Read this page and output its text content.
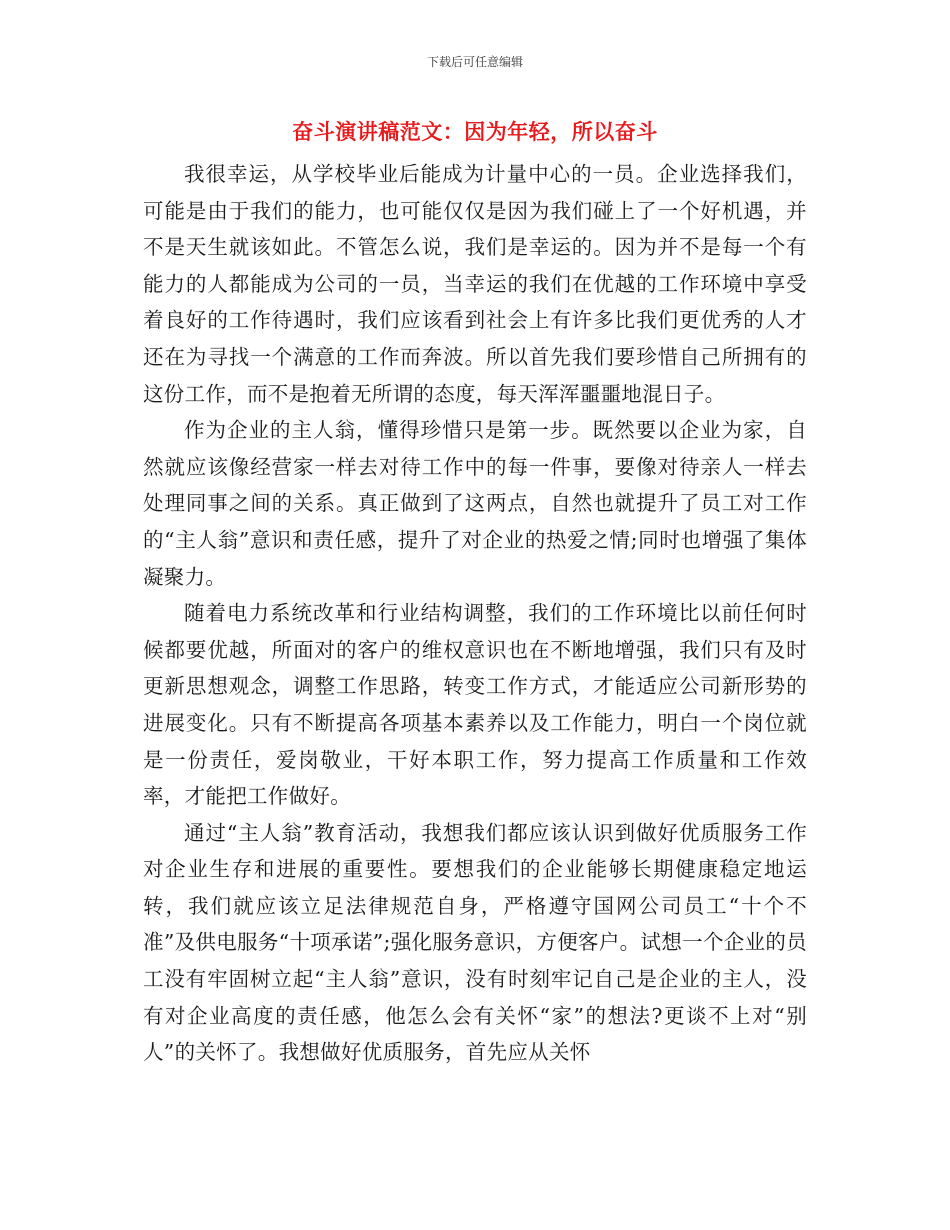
下载后可任意编辑
奋斗演讲稿范文：因为年轻，所以奋斗

我很幸运，从学校毕业后能成为计量中心的一员。企业选择我们，可能是由于我们的能力，也可能仅仅是因为我们碰上了一个好机遇，并不是天生就该如此。不管怎么说，我们是幸运的。因为并不是每一个有能力的人都能成为公司的一员，当幸运的我们在优越的工作环境中享受着良好的工作待遇时，我们应该看到社会上有许多比我们更优秀的人才还在为寻找一个满意的工作而奔波。所以首先我们要珍惜自己所拥有的这份工作，而不是抱着无所谓的态度，每天浑浑噩噩地混日子。

作为企业的主人翁，懂得珍惜只是第一步。既然要以企业为家，自然就应该像经营家一样去对待工作中的每一件事，要像对待亲人一样去处理同事之间的关系。真正做到了这两点，自然也就提升了员工对工作的“主人翁”意识和责任感，提升了对企业的热爱之情;同时也增强了集体凝聚力。

随着电力系统改革和行业结构调整，我们的工作环境比以前任何时候都要优越，所面对的客户的维权意识也在不断地增强，我们只有及时更新思想观念，调整工作思路，转变工作方式，才能适应公司新形势的进展变化。只有不断提高各项基本素养以及工作能力，明白一个岗位就是一份责任，爱岗敬业，干好本职工作，努力提高工作质量和工作效率，才能把工作做好。

通过“主人翁”教育活动，我想我们都应该认识到做好优质服务工作对企业生存和进展的重要性。要想我们的企业能够长期健康稳定地运转，我们就应该立足法律规范自身，严格遵守国网公司员工“十个不准”及供电服务“十项承诺”;强化服务意识，方便客户。试想一个企业的员工没有牢固树立起“主人翁”意识，没有时刻牢记自己是企业的主人，没有对企业高度的责任感，他怎么会有关怀“家”的想法?更谈不上对“别人”的关怀了。我想做好优质服务，首先应从关怀
